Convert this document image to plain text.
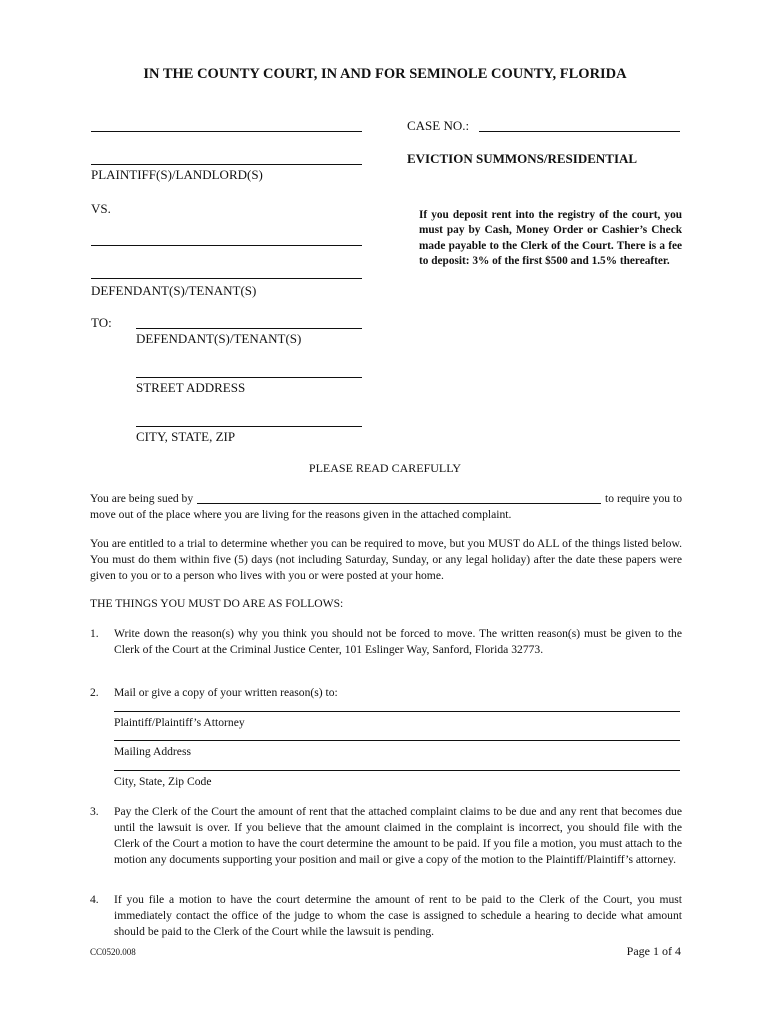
IN THE COUNTY COURT, IN AND FOR SEMINOLE COUNTY, FLORIDA
PLAINTIFF(S)/LANDLORD(S)
VS.
DEFENDANT(S)/TENANT(S)
CASE NO.:
EVICTION SUMMONS/RESIDENTIAL
If you deposit rent into the registry of the court, you must pay by Cash, Money Order or Cashier’s Check made payable to the Clerk of the Court. There is a fee to deposit: 3% of the first $500 and 1.5% thereafter.
TO:
DEFENDANT(S)/TENANT(S)
STREET ADDRESS
CITY, STATE, ZIP
PLEASE READ CAREFULLY
You are being sued by	to require you to
move out of the place where you are living for the reasons given in the attached complaint.
You are entitled to a trial to determine whether you can be required to move, but you MUST do ALL of the things listed below. You must do them within five (5) days (not including Saturday, Sunday, or any legal holiday) after the date these papers were given to you or to a person who lives with you or were posted at your home.
THE THINGS YOU MUST DO ARE AS FOLLOWS:
1. Write down the reason(s) why you think you should not be forced to move. The written reason(s) must be given to the Clerk of the Court at the Criminal Justice Center, 101 Eslinger Way, Sanford, Florida 32773.
2. Mail or give a copy of your written reason(s) to:
Plaintiff/Plaintiff’s Attorney
Mailing Address
City, State, Zip Code
3. Pay the Clerk of the Court the amount of rent that the attached complaint claims to be due and any rent that becomes due until the lawsuit is over. If you believe that the amount claimed in the complaint is incorrect, you should file with the Clerk of the Court a motion to have the court determine the amount to be paid. If you file a motion, you must attach to the motion any documents supporting your position and mail or give a copy of the motion to the Plaintiff/Plaintiff’s attorney.
4. If you file a motion to have the court determine the amount of rent to be paid to the Clerk of the Court, you must immediately contact the office of the judge to whom the case is assigned to schedule a hearing to decide what amount should be paid to the Clerk of the Court while the lawsuit is pending.
CC0520.008	Page 1 of 4
